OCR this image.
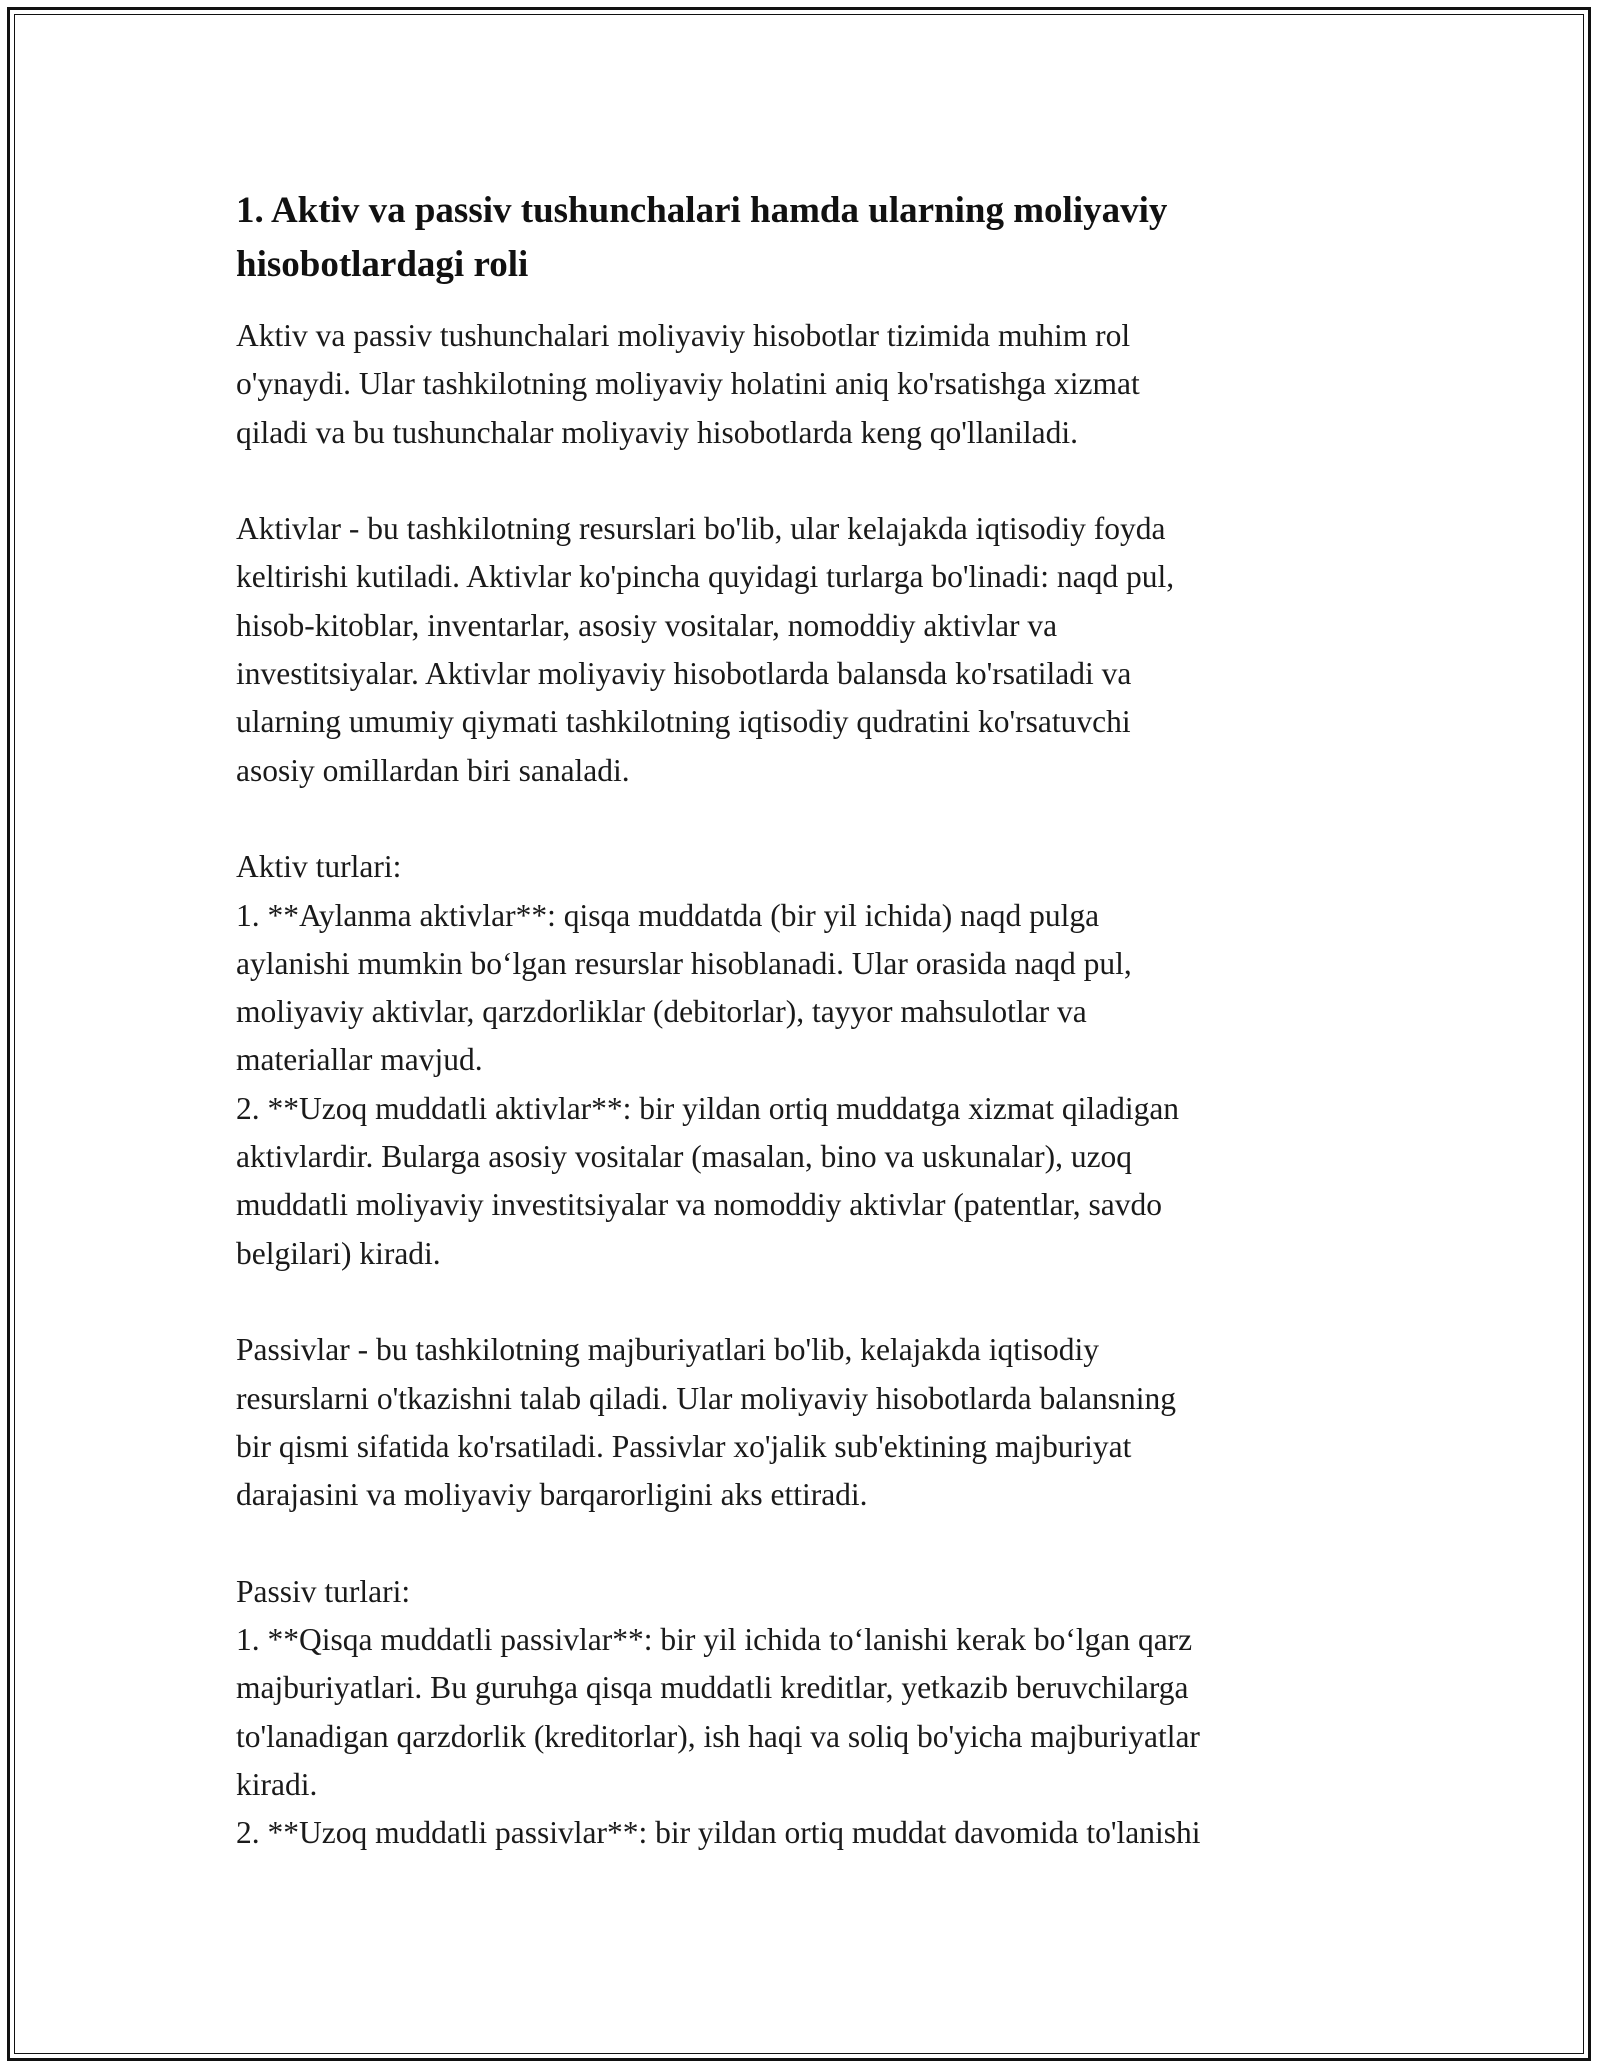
1. Aktiv va passiv tushunchalari hamda ularning moliyaviy
hisobotlardagi roli
Aktiv va passiv tushunchalari moliyaviy hisobotlar tizimida muhim rol
o'ynaydi. Ular tashkilotning moliyaviy holatini aniq ko'rsatishga xizmat
qiladi va bu tushunchalar moliyaviy hisobotlarda keng qo'llaniladi.
Aktivlar - bu tashkilotning resurslari bo'lib, ular kelajakda iqtisodiy foyda
keltirishi kutiladi. Aktivlar ko'pincha quyidagi turlarga bo'linadi: naqd pul,
hisob-kitoblar, inventarlar, asosiy vositalar, nomoddiy aktivlar va
investitsiyalar. Aktivlar moliyaviy hisobotlarda balansda ko'rsatiladi va
ularning umumiy qiymati tashkilotning iqtisodiy qudratini ko'rsatuvchi
asosiy omillardan biri sanaladi.
Aktiv turlari:
1. **Aylanma aktivlar**: qisqa muddatda (bir yil ichida) naqd pulga
aylanishi mumkin bo‘lgan resurslar hisoblanadi. Ular orasida naqd pul,
moliyaviy aktivlar, qarzdorliklar (debitorlar), tayyor mahsulotlar va
materiallar mavjud.
2. **Uzoq muddatli aktivlar**: bir yildan ortiq muddatga xizmat qiladigan
aktivlardir. Bularga asosiy vositalar (masalan, bino va uskunalar), uzoq
muddatli moliyaviy investitsiyalar va nomoddiy aktivlar (patentlar, savdo
belgilari) kiradi.
Passivlar - bu tashkilotning majburiyatlari bo'lib, kelajakda iqtisodiy
resurslarni o'tkazishni talab qiladi. Ular moliyaviy hisobotlarda balansning
bir qismi sifatida ko'rsatiladi. Passivlar xo'jalik sub'ektining majburiyat
darajasini va moliyaviy barqarorligini aks ettiradi.
Passiv turlari:
1. **Qisqa muddatli passivlar**: bir yil ichida to‘lanishi kerak bo‘lgan qarz
majburiyatlari. Bu guruhga qisqa muddatli kreditlar, yetkazib beruvchilarga
to'lanadigan qarzdorlik (kreditorlar), ish haqi va soliq bo'yicha majburiyatlar
kiradi.
2. **Uzoq muddatli passivlar**: bir yildan ortiq muddat davomida to'lanishi
